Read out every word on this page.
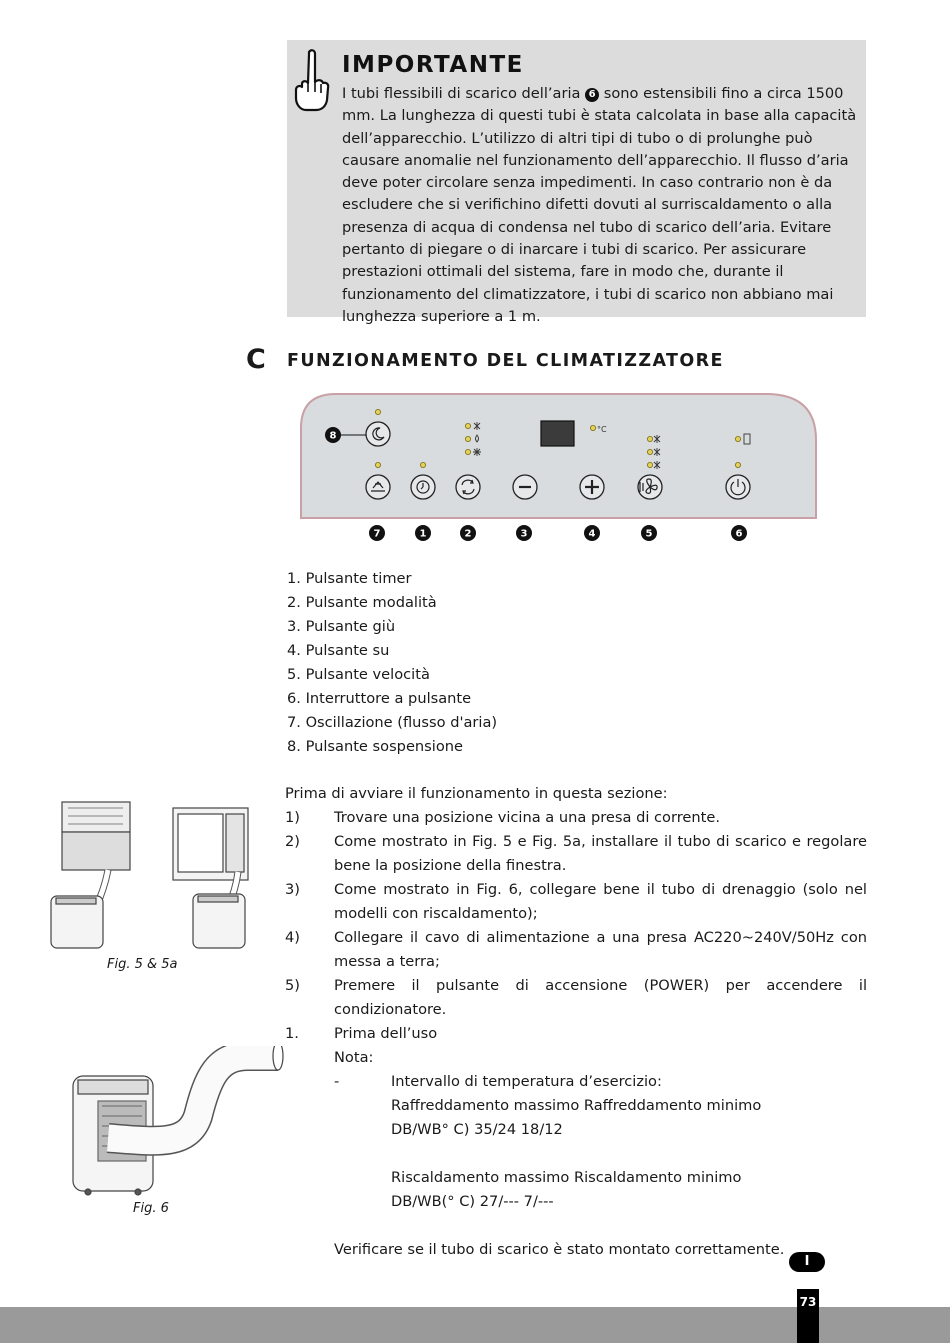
IMPORTANTE
I tubi flessibili di scarico dell’aria 6 sono estensibili fino a circa 1500 mm. La lunghezza di questi tubi è stata calcolata in base alla capacità dell’apparecchio. L’utilizzo di altri tipi di tubo o di prolunghe può causare anomalie nel funzionamento dell’apparecchio. Il flusso d’aria deve poter circolare senza impedimenti. In caso contrario non è da escludere che si verifichino difetti dovuti al surriscaldamento o alla presenza di acqua di condensa nel tubo di scarico dell’aria. Evitare pertanto di piegare o di inarcare i tubi di scarico. Per assicurare prestazioni ottimali del sistema, fare in modo che, durante il funzionamento del climatizzatore, i tubi di scarico non abbiano mai lunghezza superiore a 1 m.
C FUNZIONAMENTO DEL CLIMATIZZATORE
°C
8
7	1	2	3	4	5	6
1. Pulsante timer
2. Pulsante modalità
3. Pulsante giù
4. Pulsante su
5. Pulsante velocità
6. Interruttore a pulsante
7. Oscillazione (flusso d'aria)
8. Pulsante sospensione
Fig. 5 & 5a
Fig. 6
Prima di avviare il funzionamento in questa sezione:
1) Trovare una posizione vicina a una presa di corrente.
2) Come mostrato in Fig. 5 e Fig. 5a, installare il tubo di scarico e regolare bene la posizione della finestra.
3) Come mostrato in Fig. 6, collegare bene il tubo di drenaggio (solo nel modelli con riscaldamento);
4) Collegare il cavo di alimentazione a una presa AC220~240V/50Hz con messa a terra;
5) Premere il pulsante di accensione (POWER) per accendere il condizionatore.
1. Prima dell’uso
Nota:
-	Intervallo di temperatura d’esercizio:
Raffreddamento massimo Raffreddamento minimo
DB/WB° C) 35/24 18/12
Riscaldamento massimo Riscaldamento minimo
DB/WB(° C) 27/--- 7/---
Verificare se il tubo di scarico è stato montato correttamente.
I
73
